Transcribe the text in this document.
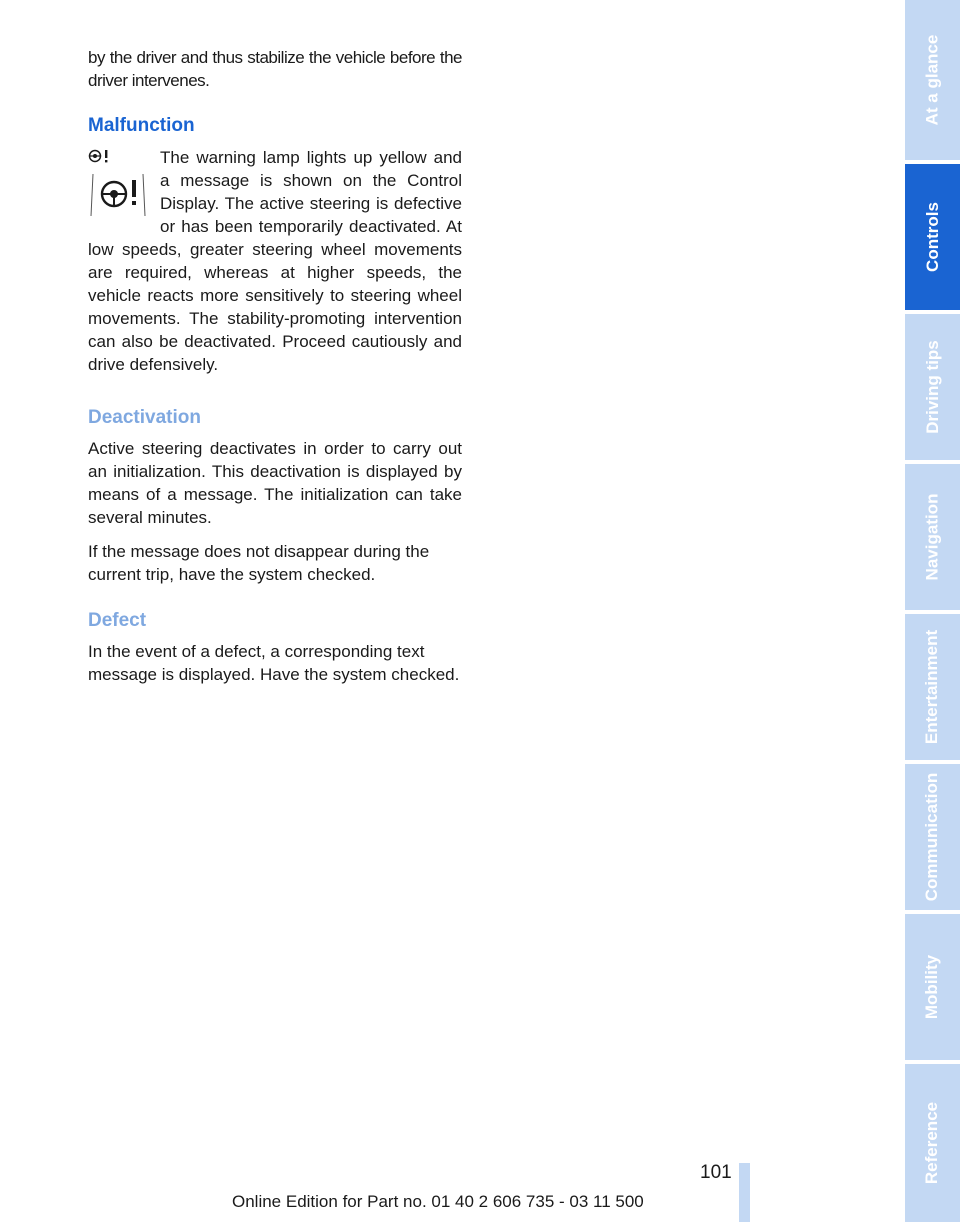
by the driver and thus stabilize the vehicle before the driver intervenes.

Malfunction

The warning lamp lights up yellow and a message is shown on the Control Display. The active steering is defective or has been temporarily deactivated. At low speeds, greater steering wheel movements are required, whereas at higher speeds, the vehicle reacts more sensitively to steering wheel movements. The stability-promoting intervention can also be deactivated. Proceed cautiously and drive defensively.

Deactivation

Active steering deactivates in order to carry out an initialization. This deactivation is displayed by means of a message. The initialization can take several minutes.

If the message does not disappear during the current trip, have the system checked.

Defect

In the event of a defect, a corresponding text message is displayed. Have the system checked.

At a glance
Controls
Driving tips
Navigation
Entertainment
Communication
Mobility
Reference
101
Online Edition for Part no. 01 40 2 606 735 - 03 11 500
